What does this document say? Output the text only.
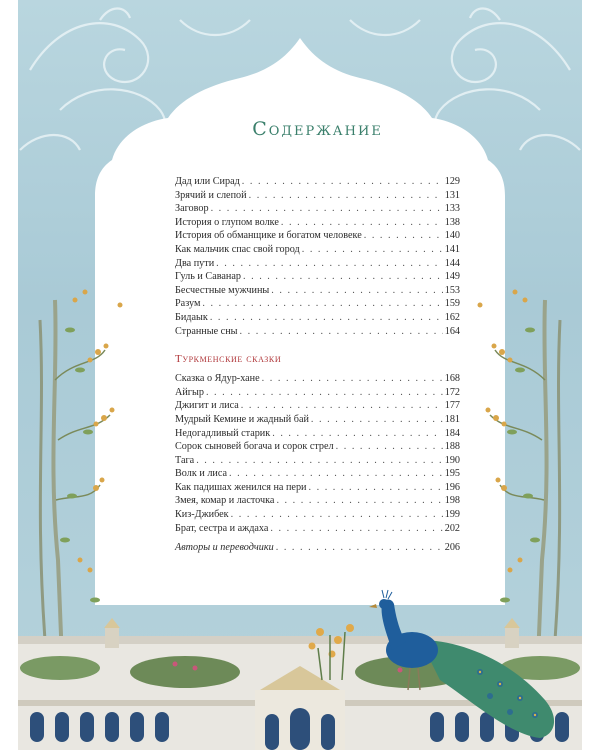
Содержание
Дад или Сирад . . .	129
Зрячий и слепой . . .	131
Заговор . . .	133
История о глупом волке . . .	138
История об обманщике и богатом человеке . . .	140
Как мальчик спас свой город . . .	141
Два пути . . .	144
Гуль и Саванар . . .	149
Бесчестные мужчины . . .	153
Разум . . .	159
Бидаык . . .	162
Странные сны . . .	164
Туркменские сказки
Сказка о Ядур-хане . . .	168
Айгыр . . .	172
Джигит и лиса . . .	177
Мудрый Кемине и жадный бай . . .	181
Недогадливый старик . . .	184
Сорок сыновей богача и сорок стрел . . .	188
Тага . . .	190
Волк и лиса . . .	195
Как падишах женился на пери . . .	196
Змея, комар и ласточка . . .	198
Киз-Джибек . . .	199
Брат, сестра и аждаха . . .	202
Авторы и переводчики . . .	206
